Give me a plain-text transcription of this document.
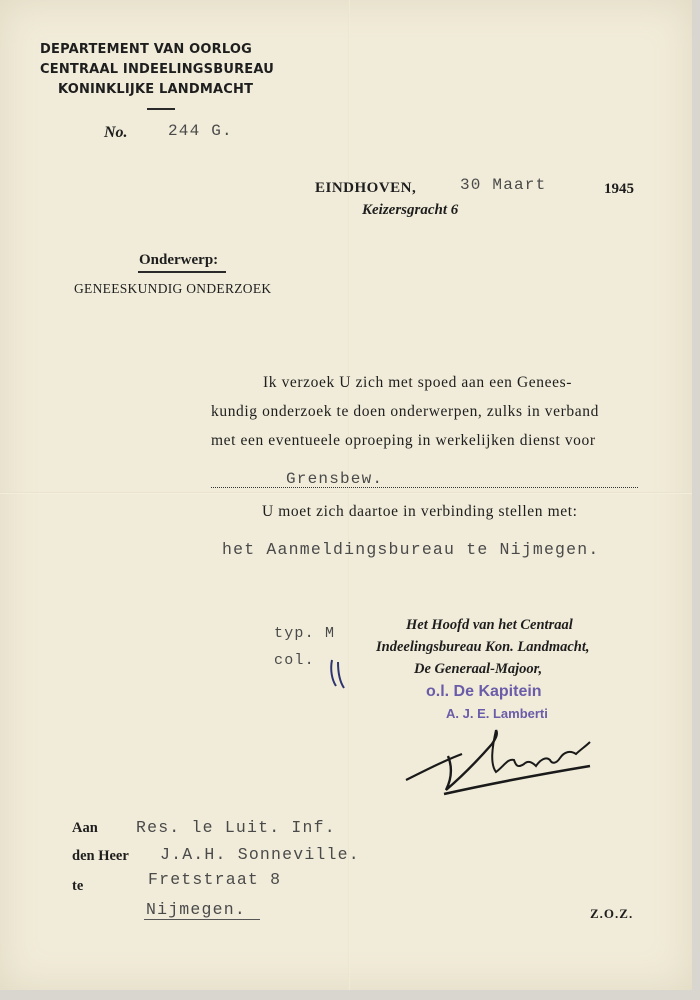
DEPARTEMENT VAN OORLOG
CENTRAAL INDEELINGSBUREAU
KONINKLIJKE LANDMACHT
No.	244 G.
EINDHOVEN,	30 Maart	1945
Keizersgracht 6
Onderwerp:
GENEESKUNDIG ONDERZOEK
Ik verzoek U zich met spoed aan een Genees-
kundig onderzoek te doen onderwerpen, zulks in verband
met een eventueele oproeping in werkelijken dienst voor
Grensbew.
U moet zich daartoe in verbinding stellen met:
het Aanmeldingsbureau te Nijmegen.
typ. M
col.
Het Hoofd van het Centraal
Indeelingsbureau Kon. Landmacht,
De Generaal-Majoor,
o.l. De Kapitein
A. J. E. Lamberti
Aan Res. le Luit. Inf.
den Heer J.A.H. Sonneville.
Fretstraat 8
te
Nijmegen.	Z.O.Z.
